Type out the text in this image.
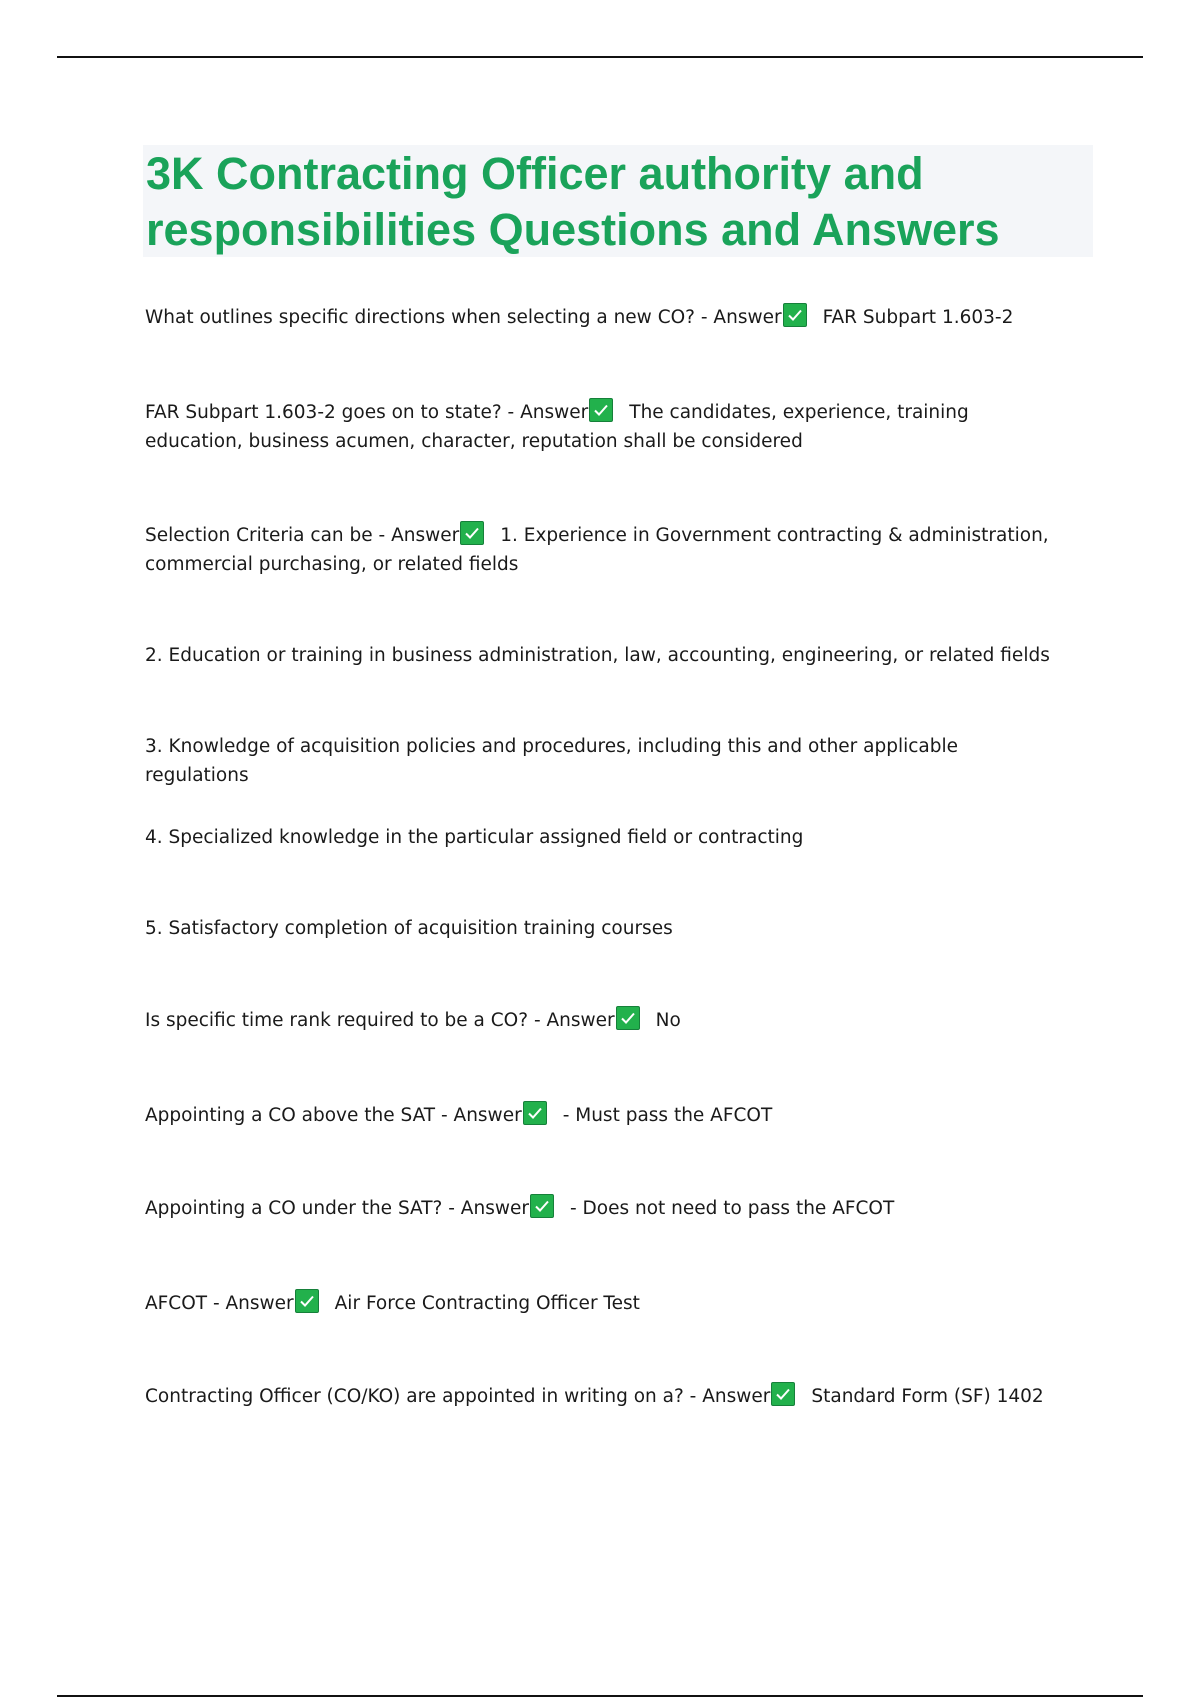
3K Contracting Officer authority and responsibilities Questions and Answers

What outlines specific directions when selecting a new CO? - Answer FAR Subpart 1.603-2

FAR Subpart 1.603-2 goes on to state? - Answer The candidates, experience, training education, business acumen, character, reputation shall be considered

Selection Criteria can be - Answer 1. Experience in Government contracting & administration, commercial purchasing, or related fields

2. Education or training in business administration, law, accounting, engineering, or related fields

3. Knowledge of acquisition policies and procedures, including this and other applicable regulations

4. Specialized knowledge in the particular assigned field or contracting

5. Satisfactory completion of acquisition training courses

Is specific time rank required to be a CO? - Answer No

Appointing a CO above the SAT - Answer - Must pass the AFCOT

Appointing a CO under the SAT? - Answer - Does not need to pass the AFCOT

AFCOT - Answer Air Force Contracting Officer Test

Contracting Officer (CO/KO) are appointed in writing on a? - Answer Standard Form (SF) 1402
